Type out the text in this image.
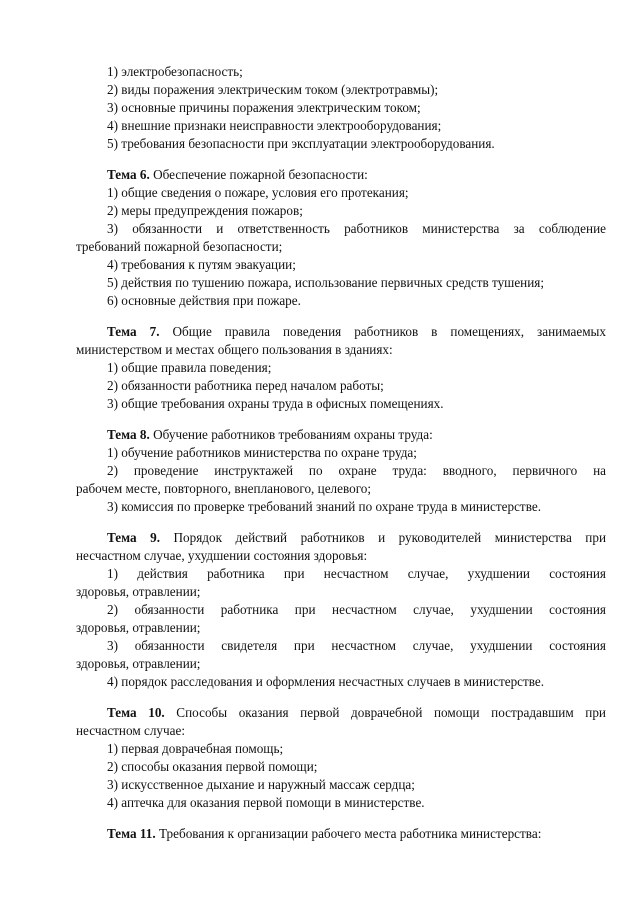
1) электробезопасность;
2) виды поражения электрическим током (электротравмы);
3) основные причины поражения электрическим током;
4) внешние признаки неисправности электрооборудования;
5) требования безопасности при эксплуатации электрооборудования.
Тема 6. Обеспечение пожарной безопасности:
1) общие сведения о пожаре, условия его протекания;
2) меры предупреждения пожаров;
3) обязанности и ответственность работников министерства за соблюдение
требований пожарной безопасности;
4) требования к путям эвакуации;
5) действия по тушению пожара, использование первичных средств тушения;
6) основные действия при пожаре.
Тема 7. Общие правила поведения работников в помещениях, занимаемых
министерством и местах общего пользования в зданиях:
1) общие правила поведения;
2) обязанности работника перед началом работы;
3) общие требования охраны труда в офисных помещениях.
Тема 8. Обучение работников требованиям охраны труда:
1) обучение работников министерства по охране труда;
2) проведение инструктажей по охране труда: вводного, первичного на
рабочем месте, повторного, внепланового, целевого;
3) комиссия по проверке требований знаний по охране труда в министерстве.
Тема 9. Порядок действий работников и руководителей министерства при
несчастном случае, ухудшении состояния здоровья:
1) действия работника при несчастном случае, ухудшении состояния
здоровья, отравлении;
2) обязанности работника при несчастном случае, ухудшении состояния
здоровья, отравлении;
3) обязанности свидетеля при несчастном случае, ухудшении состояния
здоровья, отравлении;
4) порядок расследования и оформления несчастных случаев в министерстве.
Тема 10. Способы оказания первой доврачебной помощи пострадавшим при
несчастном случае:
1) первая доврачебная помощь;
2) способы оказания первой помощи;
3) искусственное дыхание и наружный массаж сердца;
4) аптечка для оказания первой помощи в министерстве.
Тема 11. Требования к организации рабочего места работника министерства:
